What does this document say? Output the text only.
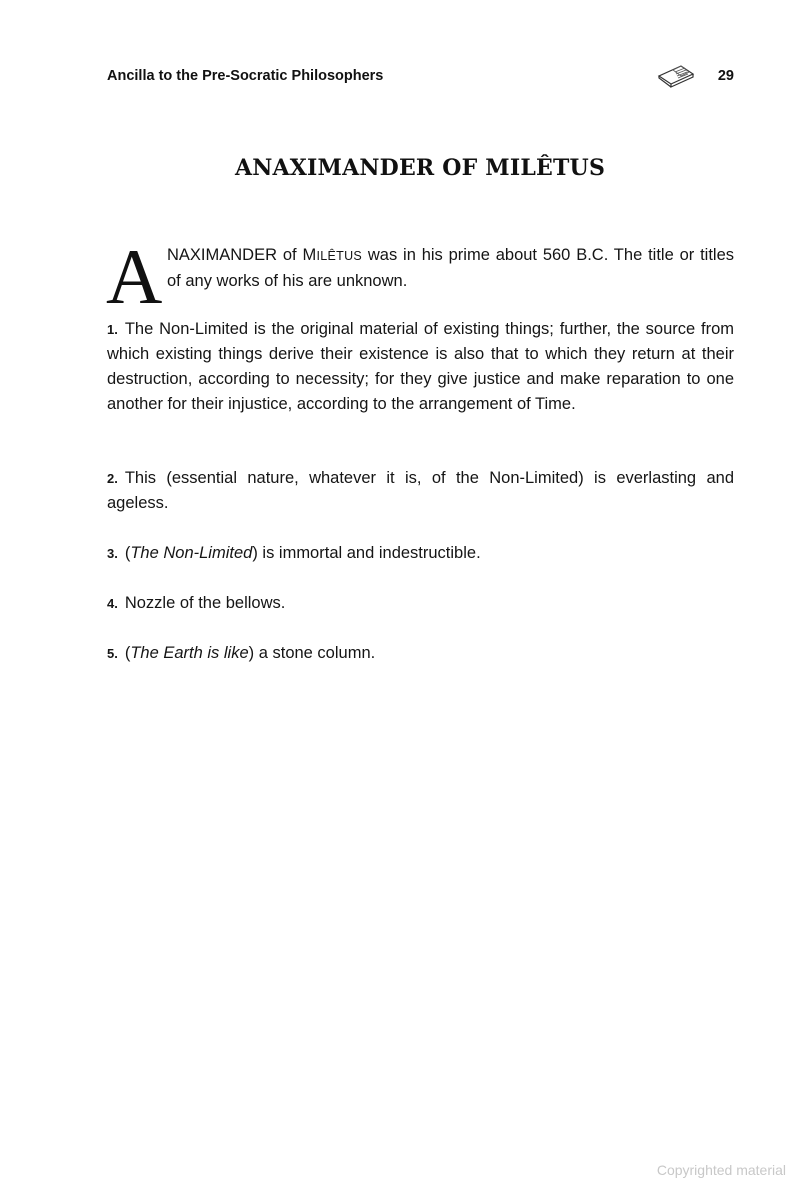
Ancilla to the Pre-Socratic Philosophers	29
ANAXIMANDER OF MILÊTUS
A NAXIMANDER of MILÊTUS was in his prime about 560 B.C. The title or titles of any works of his are unknown.
1. The Non-Limited is the original material of existing things; further, the source from which existing things derive their existence is also that to which they return at their destruction, according to necessity; for they give justice and make reparation to one another for their injustice, according to the arrangement of Time.
2. This (essential nature, whatever it is, of the Non-Limited) is everlasting and ageless.
3. (The Non-Limited) is immortal and indestructible.
4. Nozzle of the bellows.
5. (The Earth is like) a stone column.
Copyrighted material
